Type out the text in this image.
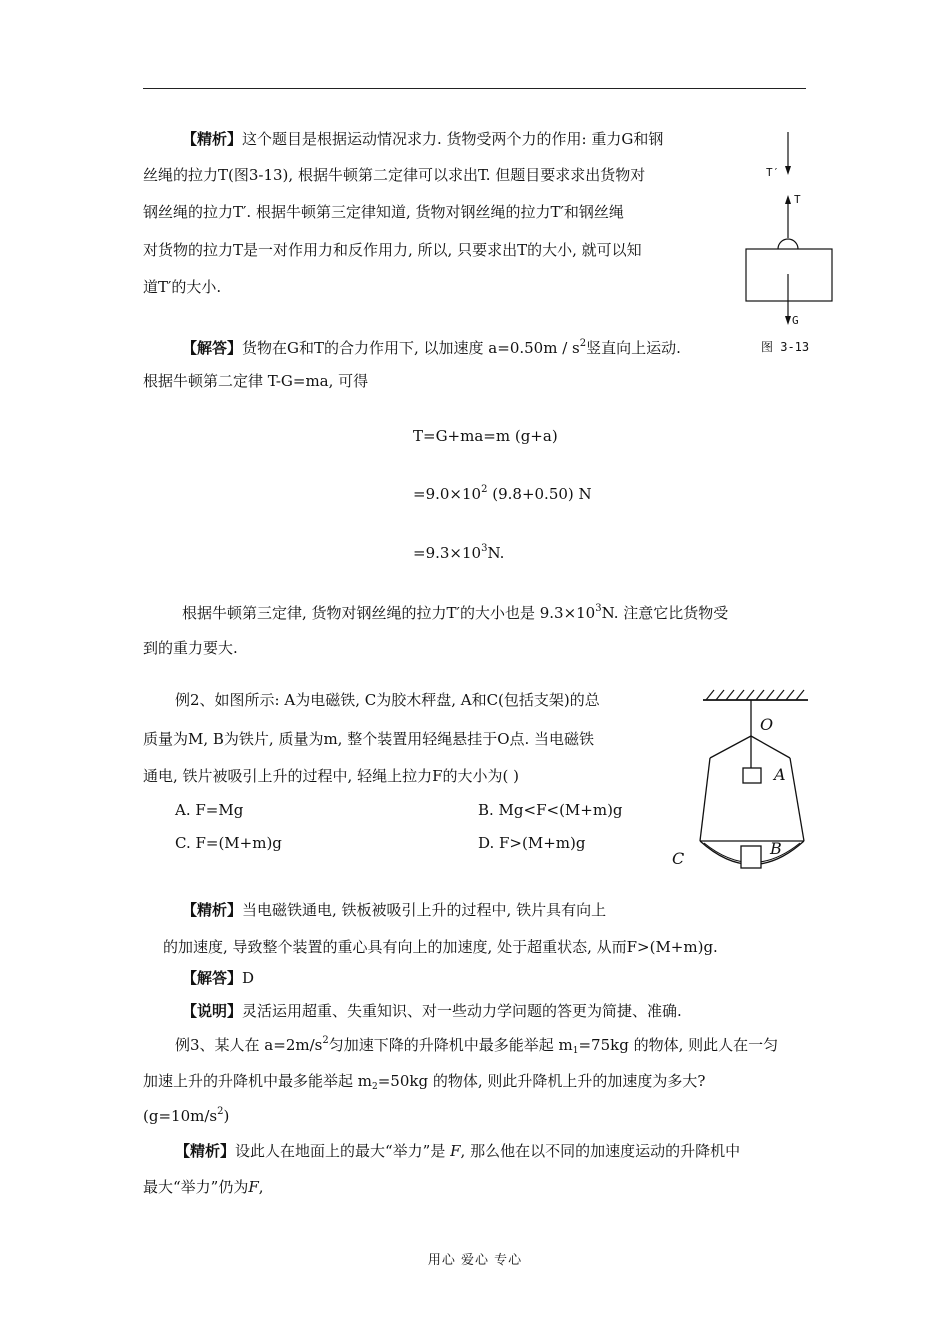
【精析】这个题目是根据运动情况求力. 货物受两个力的作用: 重力G和钢
丝绳的拉力T(图3-13), 根据牛顿第二定律可以求出T. 但题目要求求出货物对
钢丝绳的拉力T′. 根据牛顿第三定律知道, 货物对钢丝绳的拉力T′和钢丝绳
对货物的拉力T是一对作用力和反作用力, 所以, 只要求出T的大小, 就可以知
道T′的大小.
T′
T
G
图 3-13
【解答】货物在G和T的合力作用下, 以加速度 $a=0.50m / s^2$竖直向上运动.
根据牛顿第二定律 T-G=ma, 可得
T=G+ma=m (g+a)
$=9.0\times 10^2$ (9.8+0.50) N
$=9.3\times 10^3N$.
根据牛顿第三定律, 货物对钢丝绳的拉力T′的大小也是 $9.3\times 10^3N$. 注意它比货物受
到的重力要大.
例2、如图所示: A为电磁铁, C为胶木秤盘, A和C(包括支架)的总
质量为M, B为铁片, 质量为m, 整个装置用轻绳悬挂于O点. 当电磁铁
通电, 铁片被吸引上升的过程中, 轻绳上拉力F的大小为( )
A. F=Mg	B. Mg<F<(M+m)g
C. F=(M+m)g	D. F>(M+m)g
O
A
B
C
【精析】当电磁铁通电, 铁板被吸引上升的过程中, 铁片具有向上
的加速度, 导致整个装置的重心具有向上的加速度, 处于超重状态, 从而F>(M+m)g.
【解答】D
【说明】灵活运用超重、失重知识、对一些动力学问题的答更为简捷、准确.
例3、某人在 $a=2m/s^2$匀加速下降的升降机中最多能举起 $m_1=75kg$ 的物体, 则此人在一匀
加速上升的升降机中最多能举起 $m_2=50kg$ 的物体, 则此升降机上升的加速度为多大?
$(g=10m/s^2)$
【精析】设此人在地面上的最大“举力”是 F, 那么他在以不同的加速度运动的升降机中
最大“举力”仍为F,
用心 爱心 专心
